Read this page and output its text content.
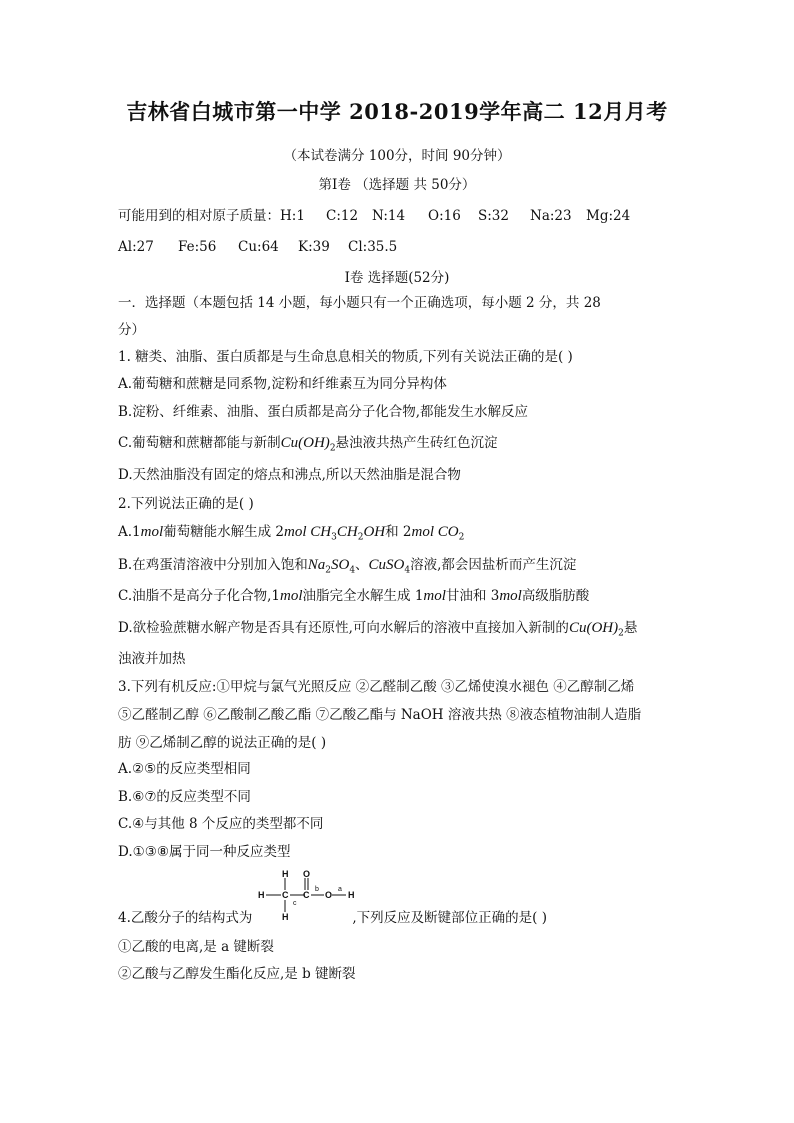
吉林省白城市第一中学 2018-2019学年高二 12月月考
（本试卷满分 100分，时间 90分钟）
第Ⅰ卷 （选择题 共 50分）
可能用到的相对原子质量：H:1 C:12 N:14 O:16 S:32 Na:23 Mg:24
Al:27 Fe:56 Cu:64 K:39 Cl:35.5
Ⅰ卷 选择题(52分)
一．选择题（本题包括 14 小题，每小题只有一个正确选项，每小题 2 分，共 28
分）
1. 糖类、油脂、蛋白质都是与生命息息相关的物质,下列有关说法正确的是( )
A.葡萄糖和蔗糖是同系物,淀粉和纤维素互为同分异构体
B.淀粉、纤维素、油脂、蛋白质都是高分子化合物,都能发生水解反应
C.葡萄糖和蔗糖都能与新制$Cu(OH)_2$悬浊液共热产生砖红色沉淀
D.天然油脂没有固定的熔点和沸点,所以天然油脂是混合物
2.下列说法正确的是( )
A.1mol葡萄糖能水解生成 2mol $CH_3CH_2OH$和 2mol $CO_2$
B.在鸡蛋清溶液中分别加入饱和$Na_2SO_4$、CuSO$_4$溶液,都会因盐析而产生沉淀
C.油脂不是高分子化合物,1mol油脂完全水解生成 1mol甘油和 3mol高级脂肪酸
D.欲检验蔗糖水解产物是否具有还原性,可向水解后的溶液中直接加入新制的$Cu(OH)_2$悬
浊液并加热
3.下列有机反应:①甲烷与氯气光照反应 ②乙醛制乙酸 ③乙烯使溴水褪色 ④乙醇制乙烯
⑤乙醛制乙醇 ⑥乙酸制乙酸乙酯 ⑦乙酸乙酯与 NaOH 溶液共热 ⑧液态植物油制人造脂
肪 ⑨乙烯制乙醇的说法正确的是( )
A.②⑤的反应类型相同
B.⑥⑦的反应类型不同
C.④与其他 8 个反应的类型都不同
D.①③⑧属于同一种反应类型
4.乙酸分子的结构式为	,下列反应及断键部位正确的是( )
H C
H
H
C
O
O H
a
b
c
①乙酸的电离,是 a 键断裂
②乙酸与乙醇发生酯化反应,是 b 键断裂
